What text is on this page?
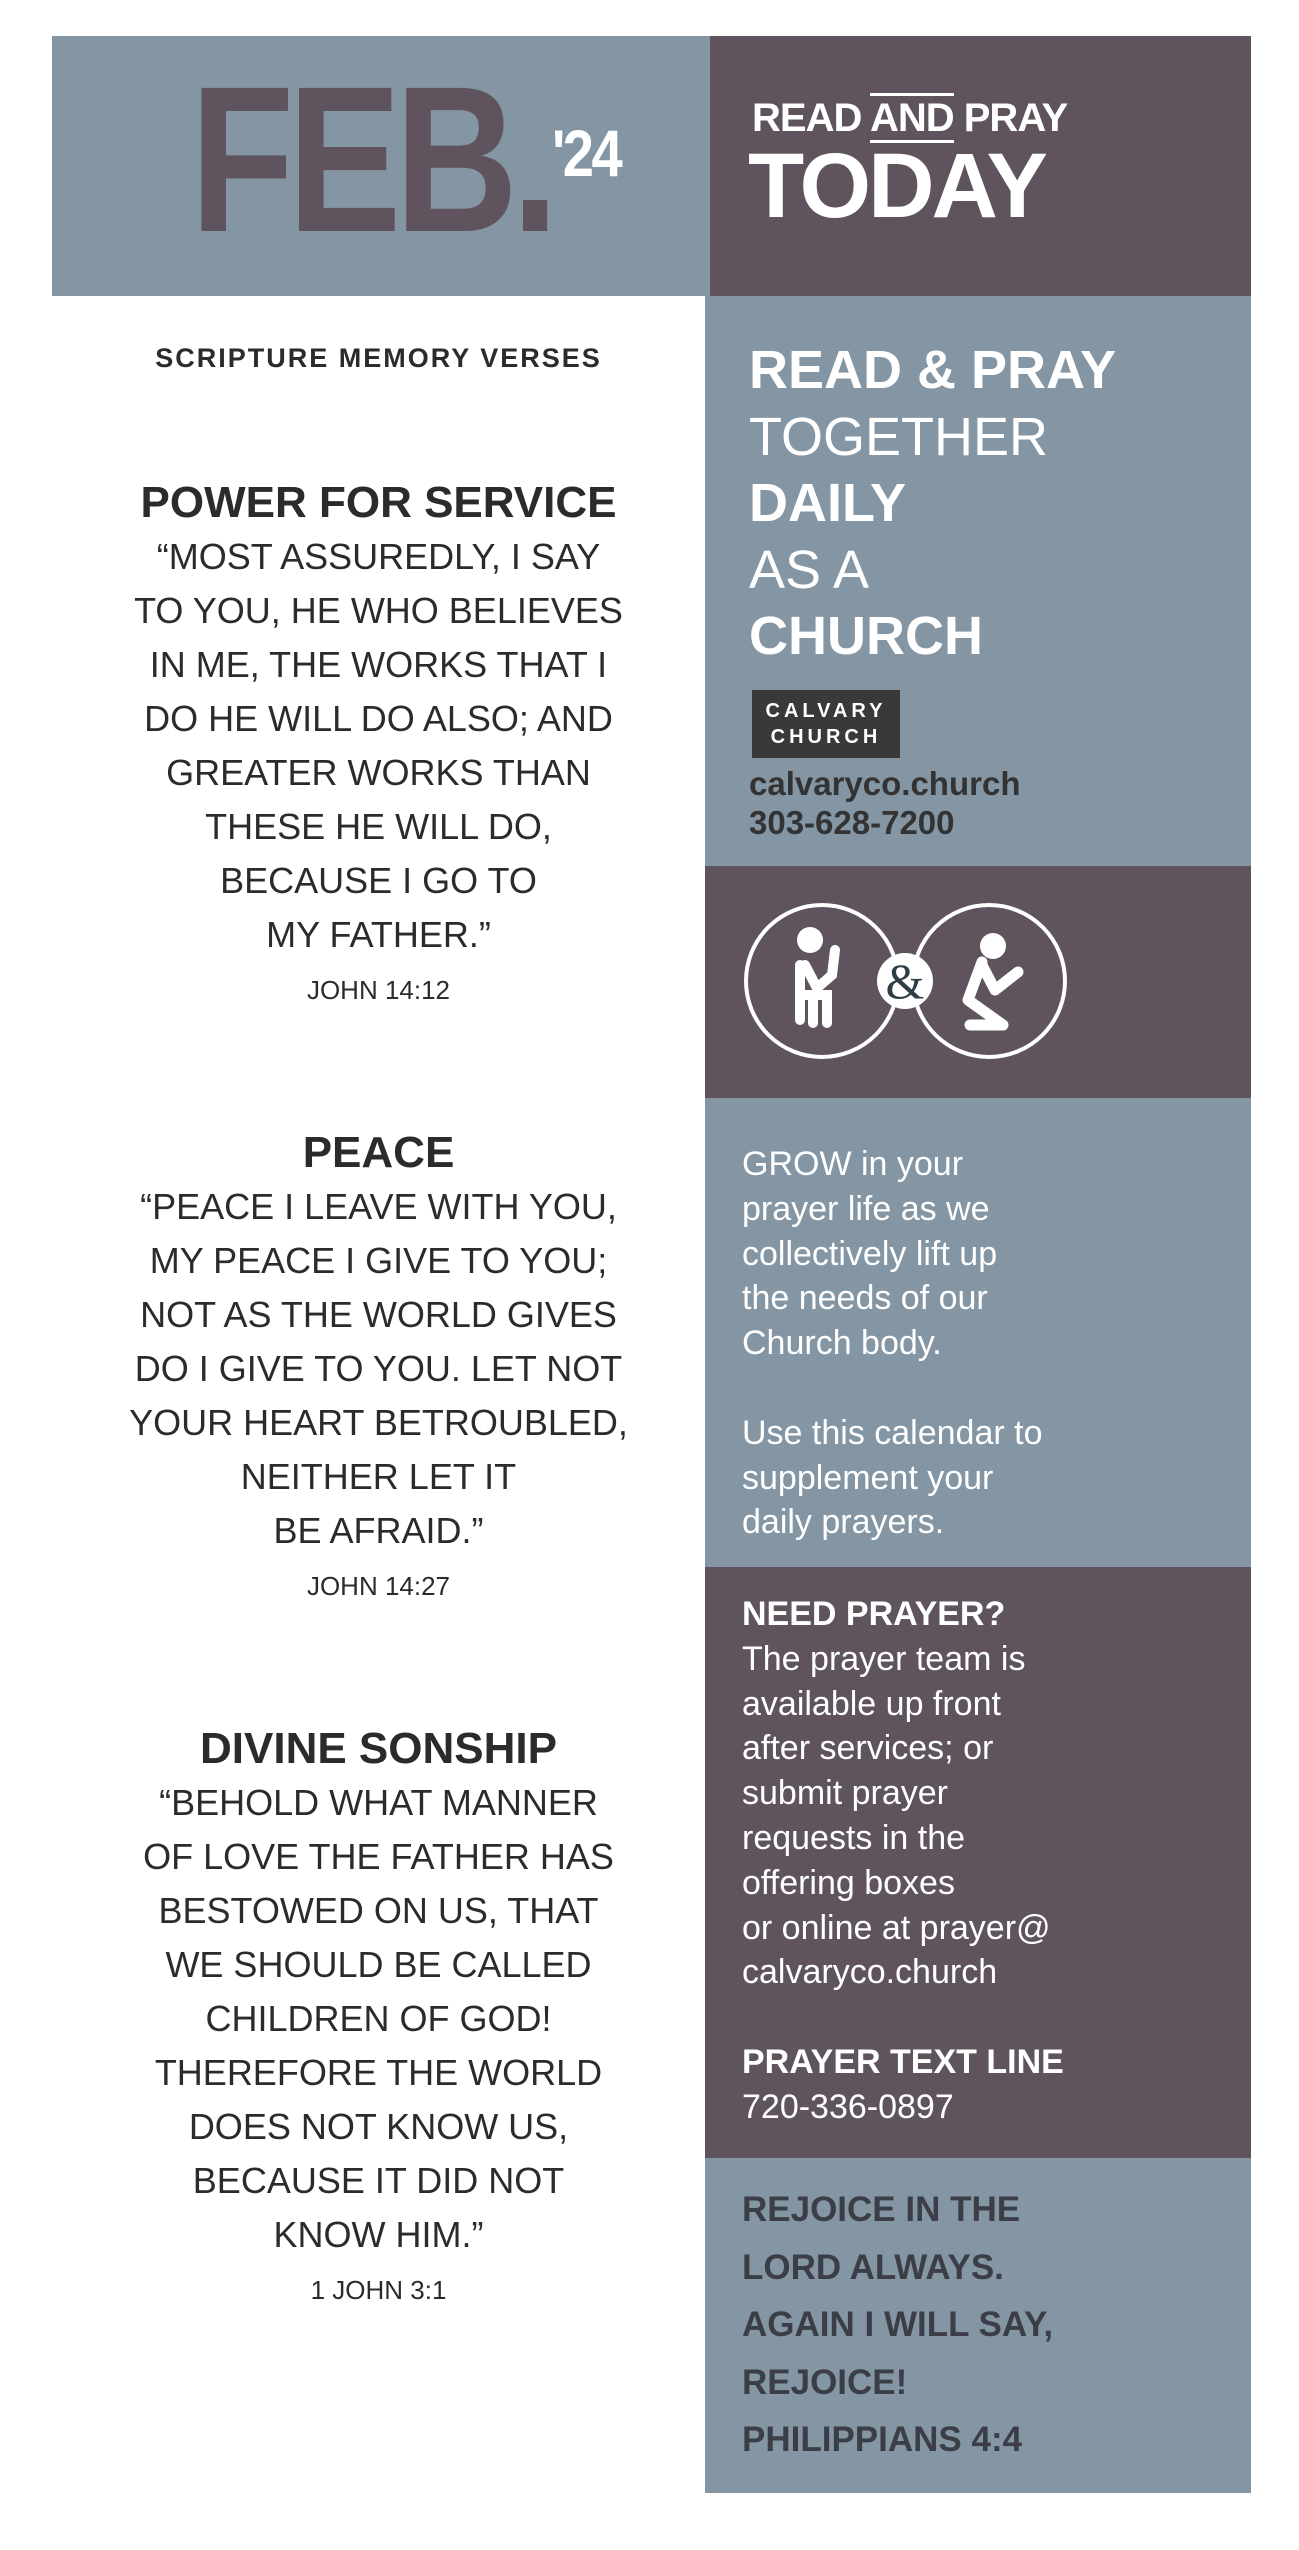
FEB. '24	READ AND PRAY
TODAY
SCRIPTURE MEMORY VERSES
POWER FOR SERVICE

“MOST ASSUREDLY, I SAY

TO YOU, HE WHO BELIEVES

IN ME, THE WORKS THAT I

DO HE WILL DO ALSO; AND

GREATER WORKS THAN

THESE HE WILL DO,

BECAUSE I GO TO

MY FATHER.”

JOHN 14:12

PEACE

“PEACE I LEAVE WITH YOU,

MY PEACE I GIVE TO YOU;

NOT AS THE WORLD GIVES

DO I GIVE TO YOU. LET NOT

YOUR HEART BETROUBLED,

NEITHER LET IT

BE AFRAID.”

JOHN 14:27

DIVINE SONSHIP

“BEHOLD WHAT MANNER

OF LOVE THE FATHER HAS

BESTOWED ON US, THAT

WE SHOULD BE CALLED

CHILDREN OF GOD!

THEREFORE THE WORLD

DOES NOT KNOW US,

BECAUSE IT DID NOT

KNOW HIM.”

1 JOHN 3:1

READ & PRAY
TOGETHER
DAILY
AS A
CHURCH
CALVARY
CHURCH
calvaryco.church
303-628-7200
&
GROW in your
prayer life as we
collectively lift up
the needs of our
Church body.
Use this calendar to
supplement your
daily prayers.
NEED PRAYER?
The prayer team is
available up front
after services; or
submit prayer
requests in the
offering boxes
or online at prayer@
calvaryco.church
PRAYER TEXT LINE
720-336-0897
REJOICE IN THE
LORD ALWAYS.
AGAIN I WILL SAY,
REJOICE!
PHILIPPIANS 4:4
